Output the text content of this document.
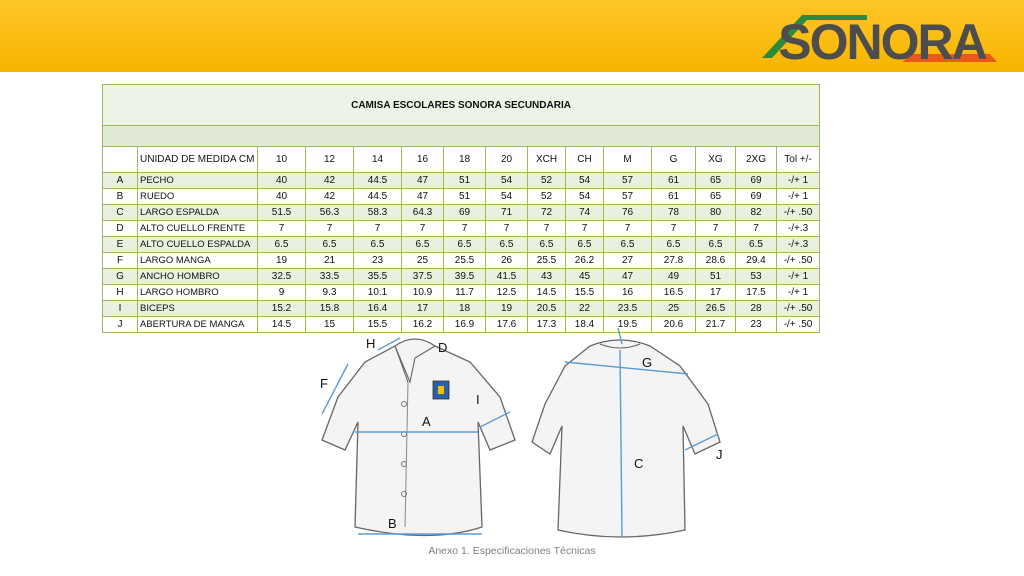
SONORA
CAMISA ESCOLARES SONORA SECUNDARIA														

	UNIDAD DE MEDIDA CM	10	12	14	16	18	20	XCH	CH	M	G	XG	2XG	Tol +/-
A	PECHO	40	42	44.5	47	51	54	52	54	57	61	65	69	-/+ 1
B	RUEDO	40	42	44.5	47	51	54	52	54	57	61	65	69	-/+ 1
C	LARGO ESPALDA	51.5	56.3	58.3	64.3	69	71	72	74	76	78	80	82	-/+ .50
D	ALTO CUELLO FRENTE	7	7	7	7	7	7	7	7	7	7	7	7	-/+.3
E	ALTO CUELLO ESPALDA	6.5	6.5	6.5	6.5	6.5	6.5	6.5	6.5	6.5	6.5	6.5	6.5	-/+.3
F	LARGO MANGA	19	21	23	25	25.5	26	25.5	26.2	27	27.8	28.6	29.4	-/+ .50
G	ANCHO HOMBRO	32.5	33.5	35.5	37.5	39.5	41.5	43	45	47	49	51	53	-/+ 1
H	LARGO HOMBRO	9	9.3	10.1	10.9	11.7	12.5	14.5	15.5	16	16.5	17	17.5	-/+ 1
I	BICEPS	15.2	15.8	16.4	17	18	19	20.5	22	23.5	25	26.5	28	-/+ .50
J	ABERTURA DE MANGA	14.5	15	15.5	16.2	16.9	17.6	17.3	18.4	19.5	20.6	21.7	23	-/+ .50
H	D
F
I
A
B
G
C
J
Anexo 1. Especificaciones Técnicas
